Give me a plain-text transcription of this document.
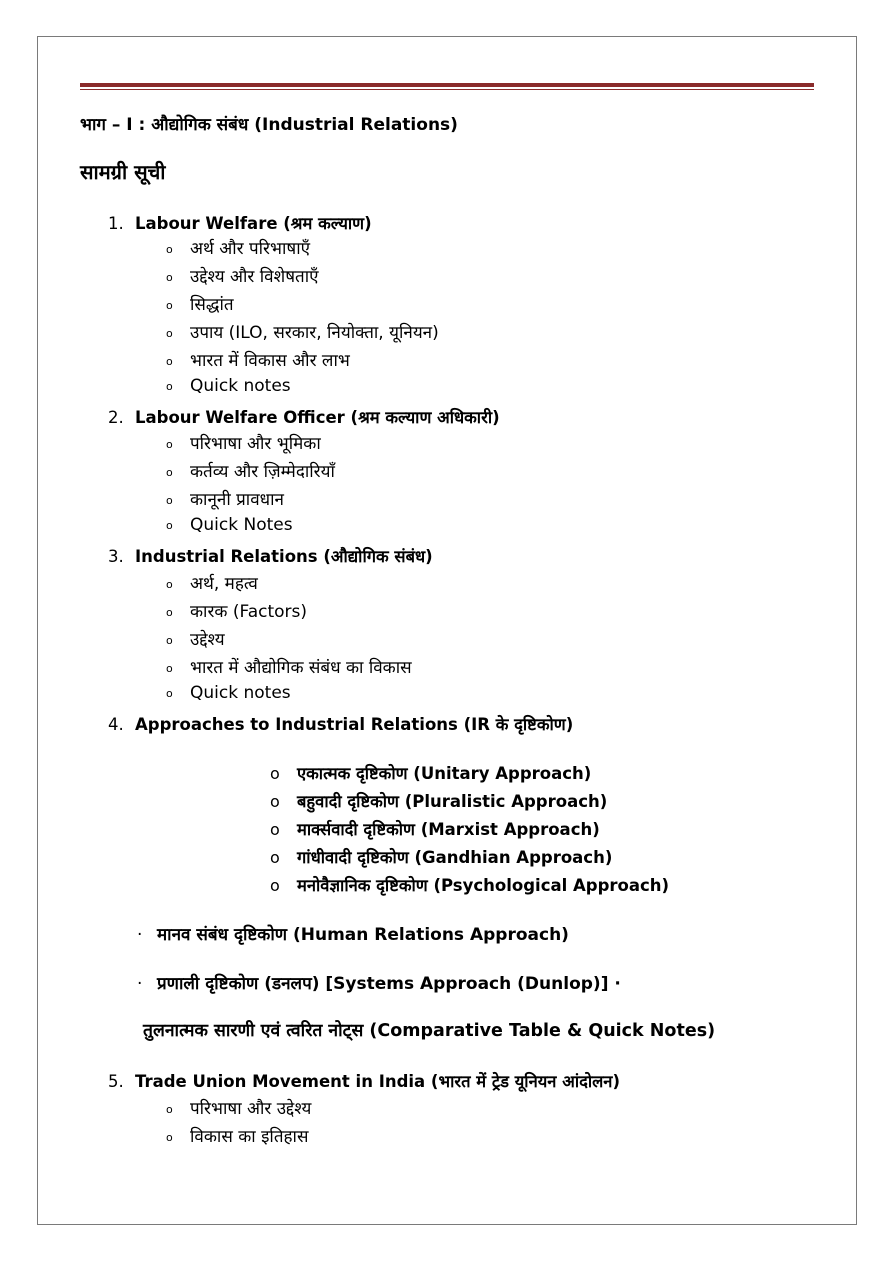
भाग – I : औद्योगिक संबंध (Industrial Relations)
सामग्री सूची
1. Labour Welfare (श्रम कल्याण)
o अर्थ और परिभाषाएँ
o उद्देश्य और विशेषताएँ
o सिद्धांत
o उपाय (ILO, सरकार, नियोक्ता, यूनियन)
o भारत में विकास और लाभ
o Quick notes
2. Labour Welfare Officer (श्रम कल्याण अधिकारी)
o परिभाषा और भूमिका
o कर्तव्य और ज़िम्मेदारियाँ
o कानूनी प्रावधान
o Quick Notes
3. Industrial Relations (औद्योगिक संबंध)
o अर्थ, महत्व
o कारक (Factors)
o उद्देश्य
o भारत में औद्योगिक संबंध का विकास
o Quick notes
4. Approaches to Industrial Relations (IR के दृष्टिकोण)
o एकात्मक दृष्टिकोण (Unitary Approach)
o बहुवादी दृष्टिकोण (Pluralistic Approach)
o मार्क्सवादी दृष्टिकोण (Marxist Approach)
o गांधीवादी दृष्टिकोण (Gandhian Approach)
o मनोवैज्ञानिक दृष्टिकोण (Psychological Approach)
· मानव संबंध दृष्टिकोण (Human Relations Approach)
· प्रणाली दृष्टिकोण (डनलप) [Systems Approach (Dunlop)] ·
तुलनात्मक सारणी एवं त्वरित नोट्स (Comparative Table & Quick Notes)
5. Trade Union Movement in India (भारत में ट्रेड यूनियन आंदोलन)
o परिभाषा और उद्देश्य
o विकास का इतिहास
